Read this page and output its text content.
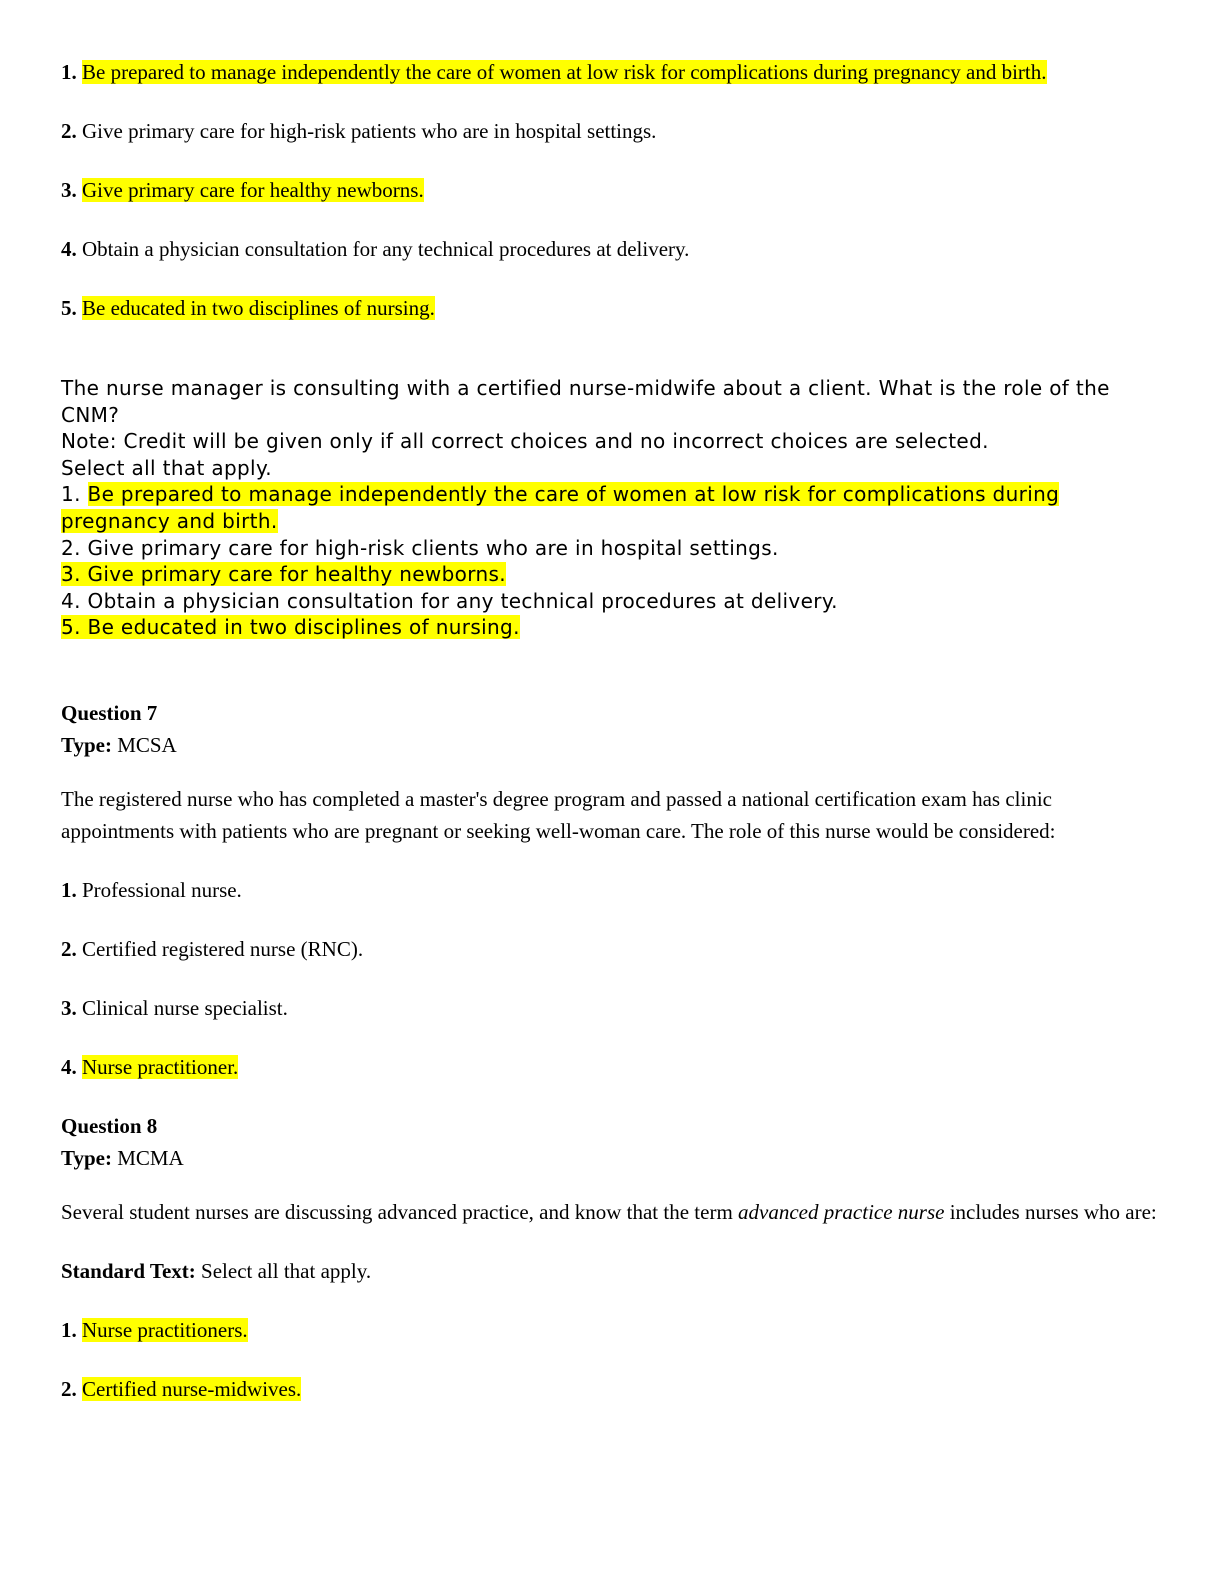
1. Be prepared to manage independently the care of women at low risk for complications during pregnancy and birth.

2. Give primary care for high-risk patients who are in hospital settings.

3. Give primary care for healthy newborns.

4. Obtain a physician consultation for any technical procedures at delivery.

5. Be educated in two disciplines of nursing.

The nurse manager is consulting with a certified nurse-midwife about a client. What is the role of the CNM?

Note: Credit will be given only if all correct choices and no incorrect choices are selected.

Select all that apply.

1. Be prepared to manage independently the care of women at low risk for complications during pregnancy and birth.

2. Give primary care for high-risk clients who are in hospital settings.

3. Give primary care for healthy newborns.

4. Obtain a physician consultation for any technical procedures at delivery.

5. Be educated in two disciplines of nursing.

Question 7

Type: MCSA

The registered nurse who has completed a master's degree program and passed a national certification exam has clinic appointments with patients who are pregnant or seeking well-woman care. The role of this nurse would be considered:

1. Professional nurse.

2. Certified registered nurse (RNC).

3. Clinical nurse specialist.

4. Nurse practitioner.

Question 8

Type: MCMA

Several student nurses are discussing advanced practice, and know that the term advanced practice nurse includes nurses who are:

Standard Text: Select all that apply.

1. Nurse practitioners.

2. Certified nurse-midwives.
